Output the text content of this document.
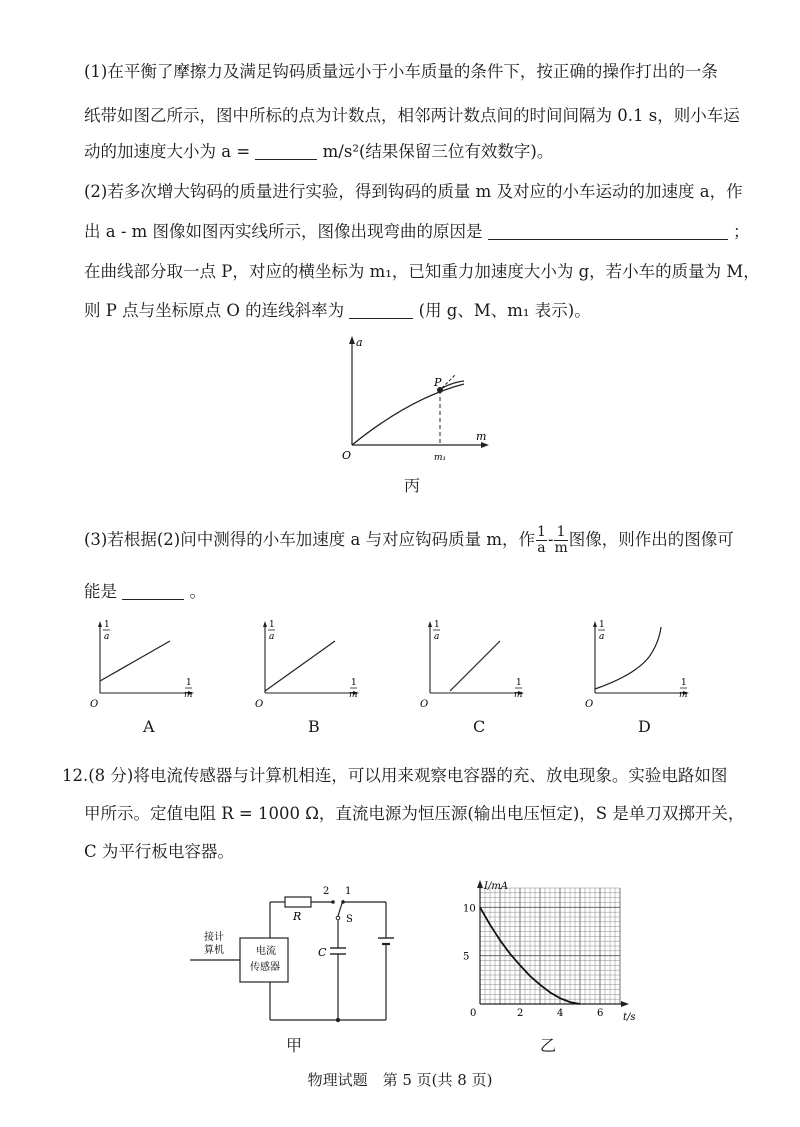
(1)在平衡了摩擦力及满足钩码质量远小于小车质量的条件下，按正确的操作打出的一条
纸带如图乙所示，图中所标的点为计数点，相邻两计数点间的时间间隔为 0.1 s，则小车运
动的加速度大小为 a =	m/s²(结果保留三位有效数字)。
(2)若多次增大钩码的质量进行实验，得到钩码的质量 m 及对应的小车运动的加速度 a，作
出 a - m 图像如图丙实线所示，图像出现弯曲的原因是	；
在曲线部分取一点 P，对应的横坐标为 m₁，已知重力加速度大小为 g，若小车的质量为 M，
则 P 点与坐标原点 O 的连线斜率为	(用 g、M、m₁ 表示)。
a
m
O
P
m₁
丙
(3)若根据(2)问中测得的小车加速度 a 与对应钩码质量 m，作 $\frac{1}{a} - \frac{1}{m}$ 图像，则作出的图像可
能是	。
1
a
1
m
O
A
1
a
1
m
O
B
1
a
1
m
O
C
1
a
1
m
O
D
12.(8 分)将电流传感器与计算机相连，可以用来观察电容器的充、放电现象。实验电路如图
甲所示。定值电阻 R = 1000 Ω，直流电源为恒压源(输出电压恒定)，S 是单刀双掷开关，
C 为平行板电容器。
电流
传感器
接计
算机
R
2 1
S
C
甲
I/mA
t/s
0
5
10
2	4	6
乙
物理试题　第 5 页(共 8 页)
